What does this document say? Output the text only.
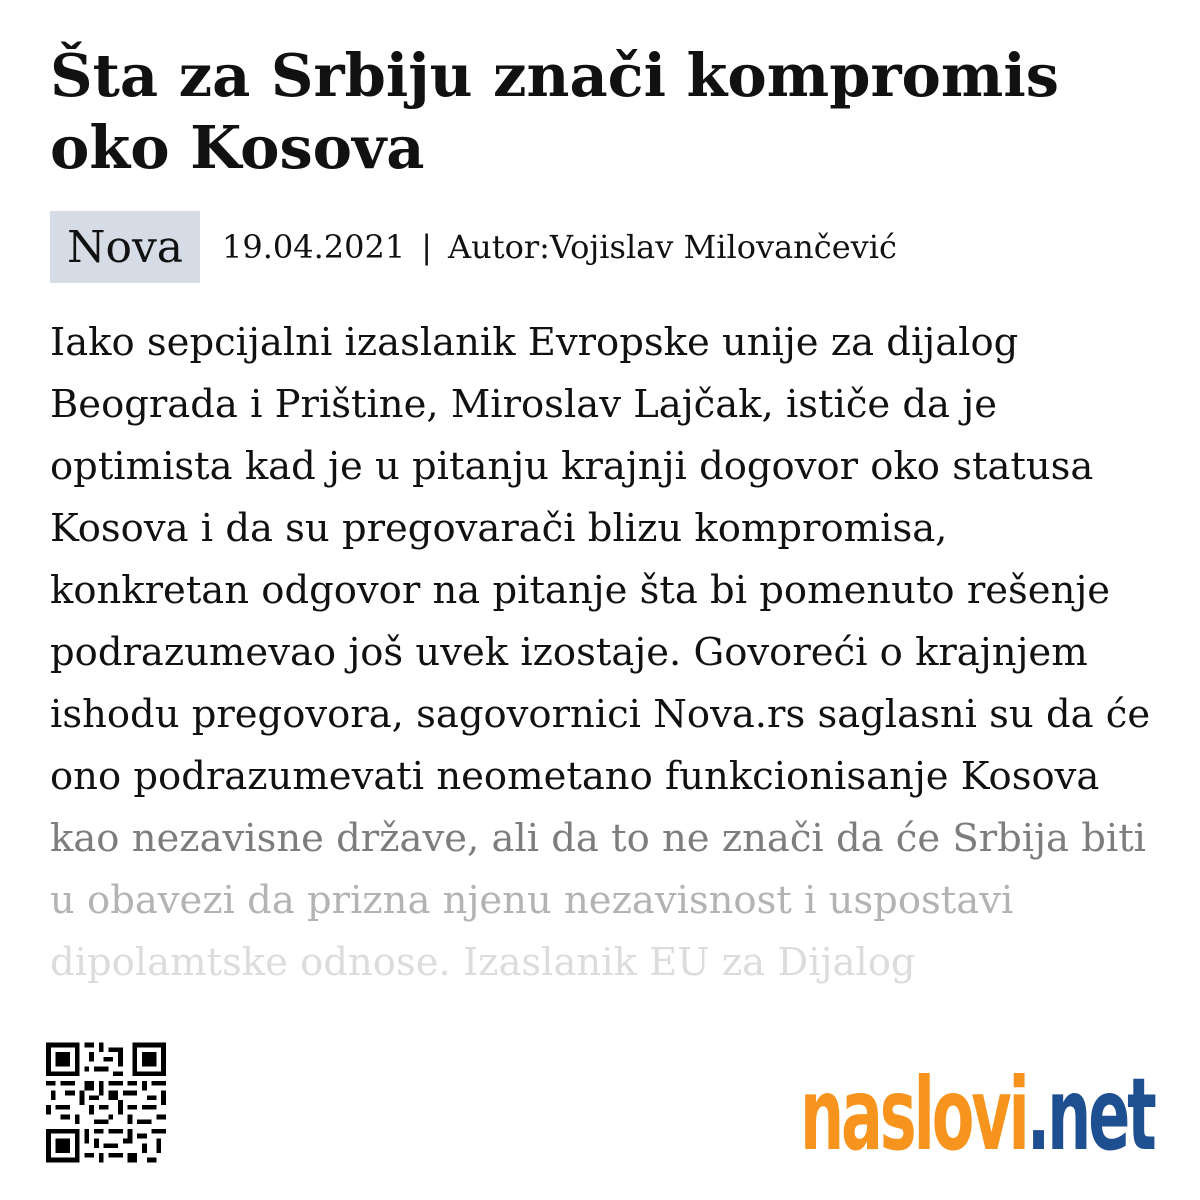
Šta za Srbiju znači kompromis
oko Kosova
Nova	19.04.2021 | Autor:Vojislav Milovančević
Iako sepcijalni izaslanik Evropske unije za dijalog
Beograda i Prištine, Miroslav Lajčak, ističe da je
optimista kad je u pitanju krajnji dogovor oko statusa
Kosova i da su pregovarači blizu kompromisa,
konkretan odgovor na pitanje šta bi pomenuto rešenje
podrazumevao još uvek izostaje. Govoreći o krajnjem
ishodu pregovora, sagovornici Nova.rs saglasni su da će
ono podrazumevati neometano funkcionisanje Kosova
kao nezavisne države, ali da to ne znači da će Srbija biti
u obavezi da prizna njenu nezavisnost i uspostavi
dipolamtske odnose. Izaslanik EU za Dijalog
naslovi.net
